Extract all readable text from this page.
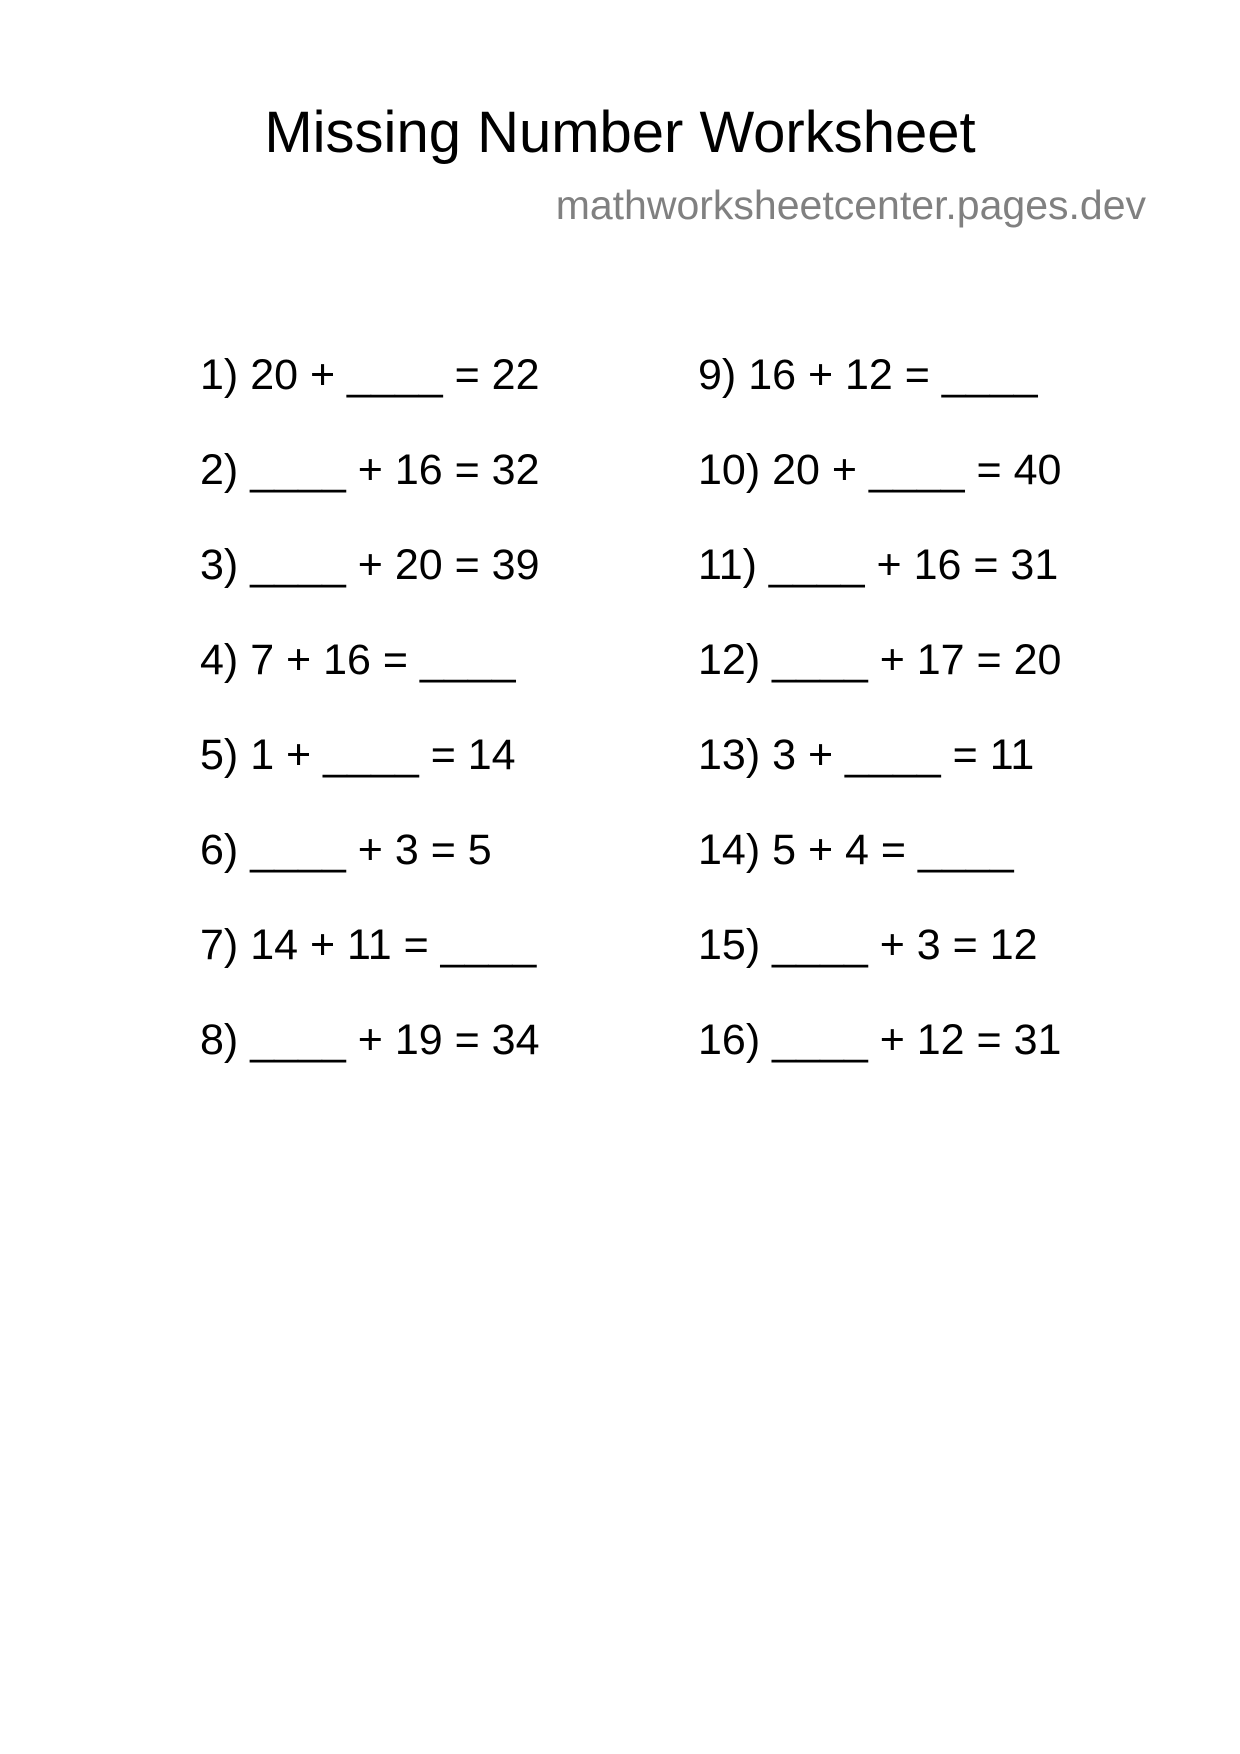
Missing Number Worksheet
mathworksheetcenter.pages.dev
1) 20 + ____ = 22
2) ____ + 16 = 32
3) ____ + 20 = 39
4) 7 + 16 = ____
5) 1 + ____ = 14
6) ____ + 3 = 5
7) 14 + 11 = ____
8) ____ + 19 = 34
9) 16 + 12 = ____
10) 20 + ____ = 40
11) ____ + 16 = 31
12) ____ + 17 = 20
13) 3 + ____ = 11
14) 5 + 4 = ____
15) ____ + 3 = 12
16) ____ + 12 = 31
